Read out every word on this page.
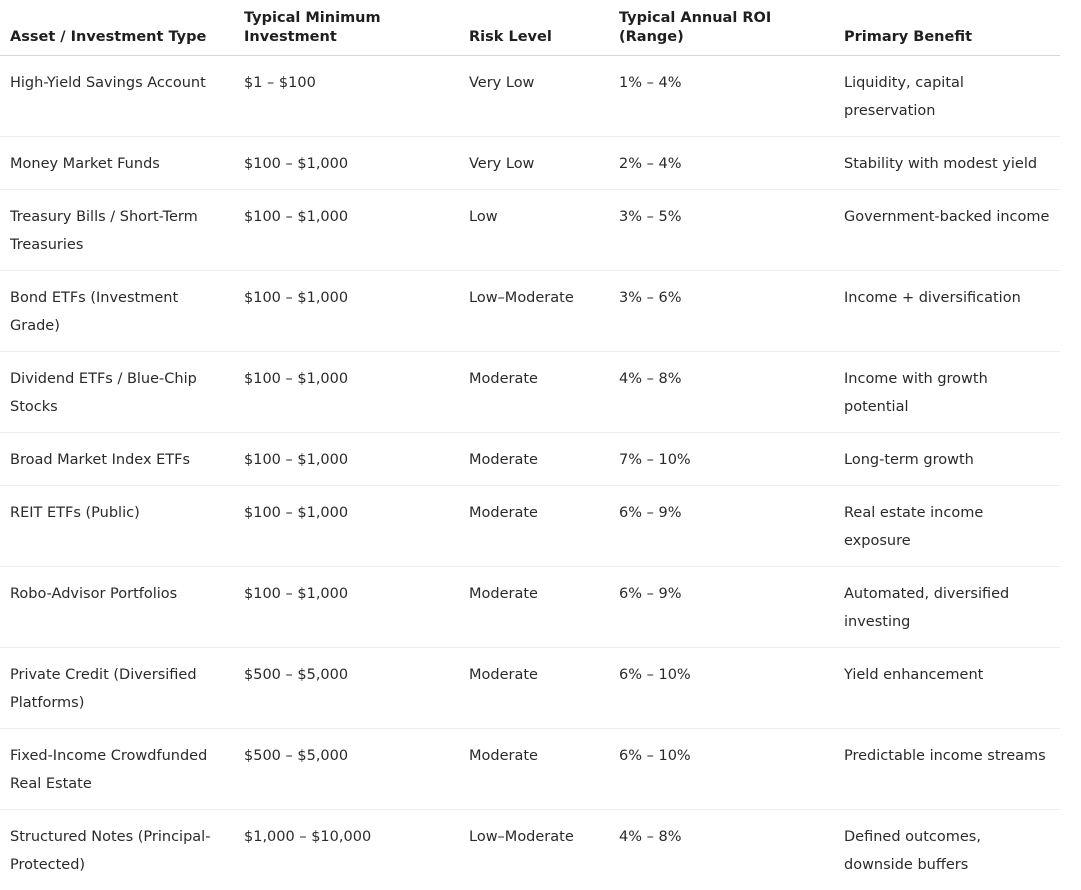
Asset / Investment Type	Typical Minimum Investment	Risk Level	Typical Annual ROI (Range)	Primary Benefit
High-Yield Savings Account	$1 – $100	Very Low	1% – 4%	Liquidity, capital preservation
Money Market Funds	$100 – $1,000	Very Low	2% – 4%	Stability with modest yield
Treasury Bills / Short-Term Treasuries	$100 – $1,000	Low	3% – 5%	Government-backed income
Bond ETFs (Investment Grade)	$100 – $1,000	Low–Moderate	3% – 6%	Income + diversification
Dividend ETFs / Blue-Chip Stocks	$100 – $1,000	Moderate	4% – 8%	Income with growth potential
Broad Market Index ETFs	$100 – $1,000	Moderate	7% – 10%	Long-term growth
REIT ETFs (Public)	$100 – $1,000	Moderate	6% – 9%	Real estate income exposure
Robo-Advisor Portfolios	$100 – $1,000	Moderate	6% – 9%	Automated, diversified investing
Private Credit (Diversified Platforms)	$500 – $5,000	Moderate	6% – 10%	Yield enhancement
Fixed-Income Crowdfunded Real Estate	$500 – $5,000	Moderate	6% – 10%	Predictable income streams
Structured Notes (Principal-Protected)	$1,000 – $10,000	Low–Moderate	4% – 8%	Defined outcomes, downside buffers
